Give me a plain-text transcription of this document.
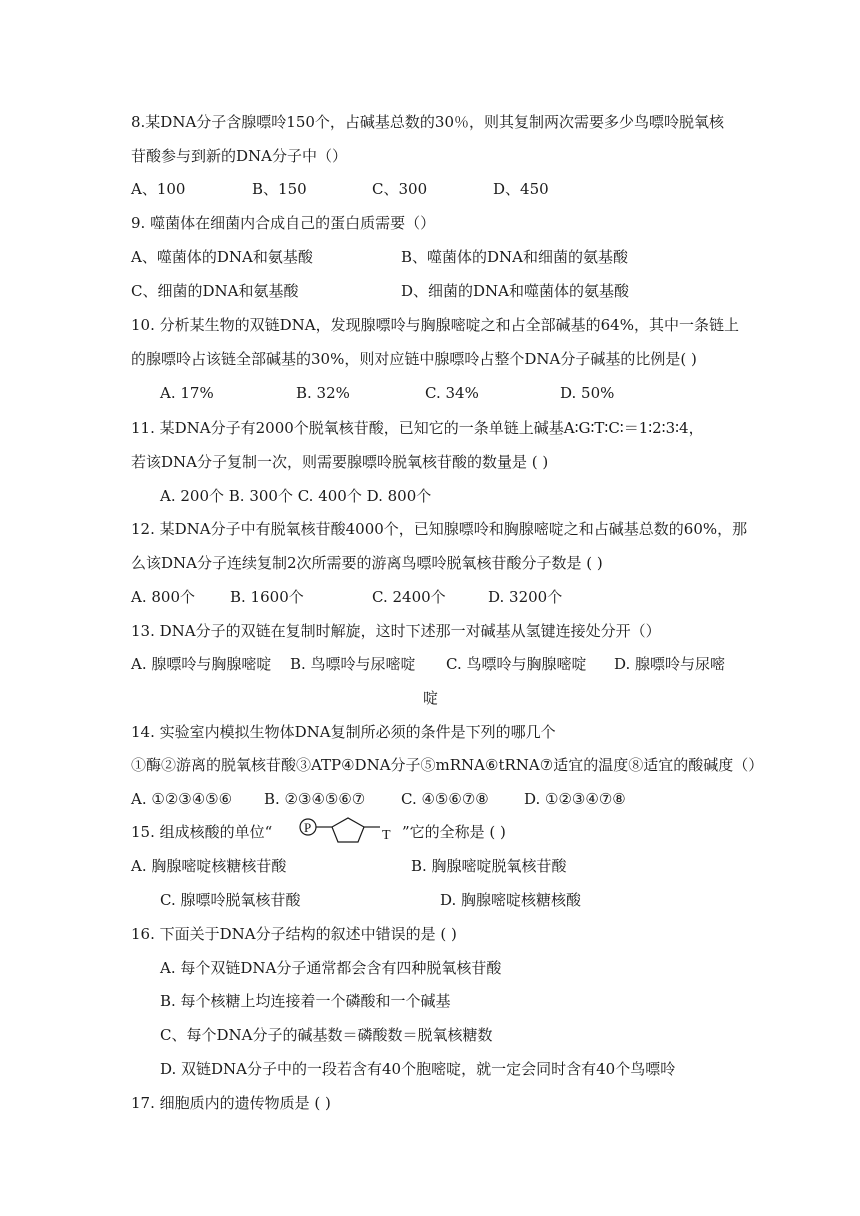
8.某DNA分子含腺嘌呤150个，占碱基总数的30％，则其复制两次需要多少鸟嘌呤脱氧核
苷酸参与到新的DNA分子中（）
A、100	B、150	C、300	D、450
9. 噬菌体在细菌内合成自己的蛋白质需要（）
A、噬菌体的DNA和氨基酸	B、噬菌体的DNA和细菌的氨基酸
C、细菌的DNA和氨基酸	D、细菌的DNA和噬菌体的氨基酸
10. 分析某生物的双链DNA，发现腺嘌呤与胸腺嘧啶之和占全部碱基的64%，其中一条链上
的腺嘌呤占该链全部碱基的30%，则对应链中腺嘌呤占整个DNA分子碱基的比例是( )
A. 17%	B. 32%	C. 34%	D. 50%
11. 某DNA分子有2000个脱氧核苷酸，已知它的一条单链上碱基A∶G∶T∶C∶＝1∶2∶3∶4，
若该DNA分子复制一次，则需要腺嘌呤脱氧核苷酸的数量是 ( )
A. 200个 B. 300个 C. 400个 D. 800个
12. 某DNA分子中有脱氧核苷酸4000个，已知腺嘌呤和胸腺嘧啶之和占碱基总数的60%，那
么该DNA分子连续复制2次所需要的游离鸟嘌呤脱氧核苷酸分子数是 ( )
A. 800个 B. 1600个	C. 2400个	D. 3200个
13. DNA分子的双链在复制时解旋，这时下述那一对碱基从氢键连接处分开（）
A. 腺嘌呤与胸腺嘧啶 B. 鸟嘌呤与尿嘧啶 C. 鸟嘌呤与胸腺嘧啶 D. 腺嘌呤与尿嘧
啶
14. 实验室内模拟生物体DNA复制所必须的条件是下列的哪几个
①酶②游离的脱氧核苷酸③ATP④DNA分子⑤mRNA⑥tRNA⑦适宜的温度⑧适宜的酸碱度（）
A. ①②③④⑤⑥ B. ②③④⑤⑥⑦ C. ④⑤⑥⑦⑧ D. ①②③④⑦⑧
15. 组成核酸的单位“ P
T ”它的全称是 ( )
A. 胸腺嘧啶核糖核苷酸	B. 胸腺嘧啶脱氧核苷酸
C. 腺嘌呤脱氧核苷酸	D. 胸腺嘧啶核糖核酸
16. 下面关于DNA分子结构的叙述中错误的是 ( )
A. 每个双链DNA分子通常都会含有四种脱氧核苷酸
B. 每个核糖上均连接着一个磷酸和一个碱基
C、每个DNA分子的碱基数＝磷酸数＝脱氧核糖数
D. 双链DNA分子中的一段若含有40个胞嘧啶，就一定会同时含有40个鸟嘌呤
17. 细胞质内的遗传物质是 ( )
